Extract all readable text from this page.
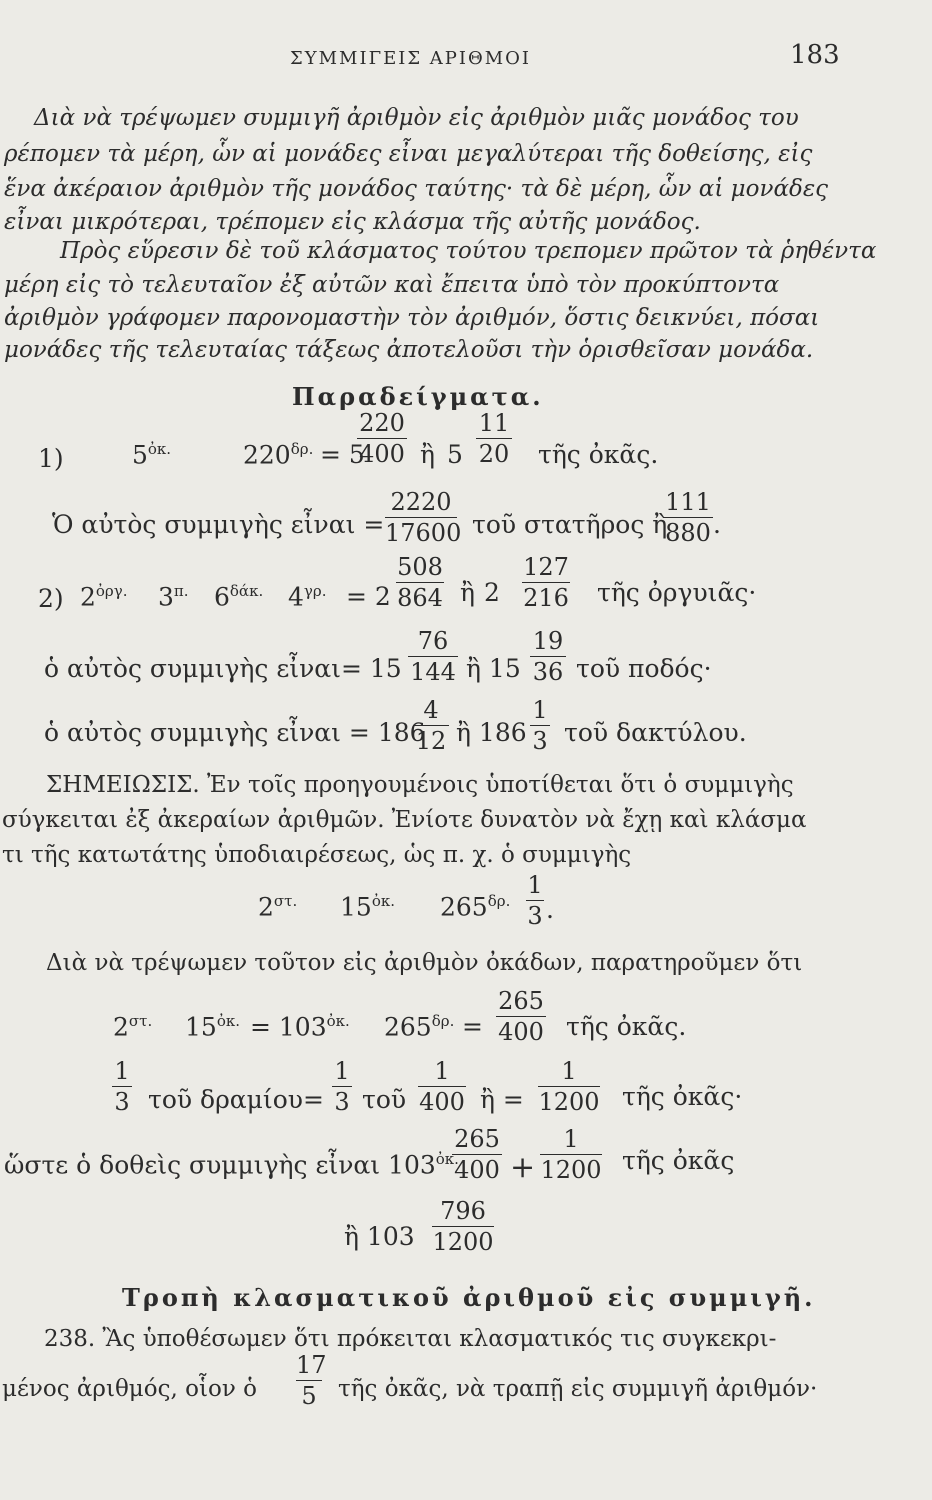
ΣΥΜΜΙΓΕΙΣ ΑΡΙΘΜΟΙ	183
Διὰ νὰ τρέψωμεν συμμιγῆ ἀριθμὸν εἰς ἀριθμὸν μιᾶς μονάδος του
ρέπομεν τὰ μέρη, ὧν αἱ μονάδες εἶναι μεγαλύτεραι τῆς δοθείσης, εἰς
ἕνα ἀκέραιον ἀριθμὸν τῆς μονάδος ταύτης· τὰ δὲ μέρη, ὧν αἱ μονάδες
εἶναι μικρότεραι, τρέπομεν εἰς κλάσμα τῆς αὐτῆς μονάδος.
Πρὸς εὕρεσιν δὲ τοῦ κλάσματος τούτου τρεπομεν πρῶτον τὰ ῥηθέντα
μέρη εἰς τὸ τελευταῖον ἐξ αὐτῶν καὶ ἔπειτα ὑπὸ τὸν προκύπτοντα
ἀριθμὸν γράφομεν παρονομαστὴν τὸν ἀριθμόν, ὅστις δεικνύει, πόσαι
μονάδες τῆς τελευταίας τάξεως ἀποτελοῦσι τὴν ὁρισθεῖσαν μονάδα.
Παραδείγματα.
1)	$5^{ὀ\kappa.}$	$220^{\delta\rho.} = 5$
220
400 ἢ 5
11
20 τῆς ὀκᾶς.
Ὁ αὐτὸς συμμιγὴς εἶναι =
2220
17600 τοῦ στατῆρος ἢ
111
880 .
2) $2^{ὀ\rho\gamma.}$ $3^{\pi.}$ $6^{\delta ά\kappa.}$ $4^{\gamma\rho.} = 2$
508
864 ἢ 2
127
216 τῆς ὀργυιᾶς·
ὁ αὐτὸς συμμιγὴς εἶναι= 15
76
144 ἢ 15
19
36 τοῦ ποδός·
ὁ αὐτὸς συμμιγὴς εἶναι = 186
4
12 ἢ 186
1
3 τοῦ δακτύλου.
ΣΗΜΕΙΩΣΙΣ. Ἐν τοῖς προηγουμένοις ὑποτίθεται ὅτι ὁ συμμιγὴς
σύγκειται ἐξ ἀκεραίων ἀριθμῶν. Ἐνίοτε δυνατὸν νὰ ἔχῃ καὶ κλάσμα
τι τῆς κατωτάτης ὑποδιαιρέσεως, ὡς π. χ. ὁ συμμιγὴς
$2^{\sigma\tau.}$ $15^{ὀ\kappa.}$ $265^{\delta\rho.}$
1
3 .
Διὰ νὰ τρέψωμεν τοῦτον εἰς ἀριθμὸν ὀκάδων, παρατηροῦμεν ὅτι
$2^{\sigma\tau.}$ $15^{ὀ\kappa.} = 103^{ὀ\kappa.}$ $265^{\delta\rho.}$ =
265
400 τῆς ὀκᾶς.
1
3 τοῦ δραμίου=
1
3 τοῦ
1
400 ἢ =
1
1200 τῆς ὀκᾶς·
ὥστε ὁ δοθεὶς συμμιγὴς εἶναι $103^{ὀ\kappa.}$
265
400 +
1
1200 τῆς ὀκᾶς
ἢ 103
796
1200
Τροπὴ κλασματικοῦ ἀριθμοῦ εἰς συμμιγῆ.
238. Ἂς ὑποθέσωμεν ὅτι πρόκειται κλασματικός τις συγκεκρι-
μένος ἀριθμός, οἷον ὁ
17
5 τῆς ὀκᾶς, νὰ τραπῇ εἰς συμμιγῆ ἀριθμόν·
